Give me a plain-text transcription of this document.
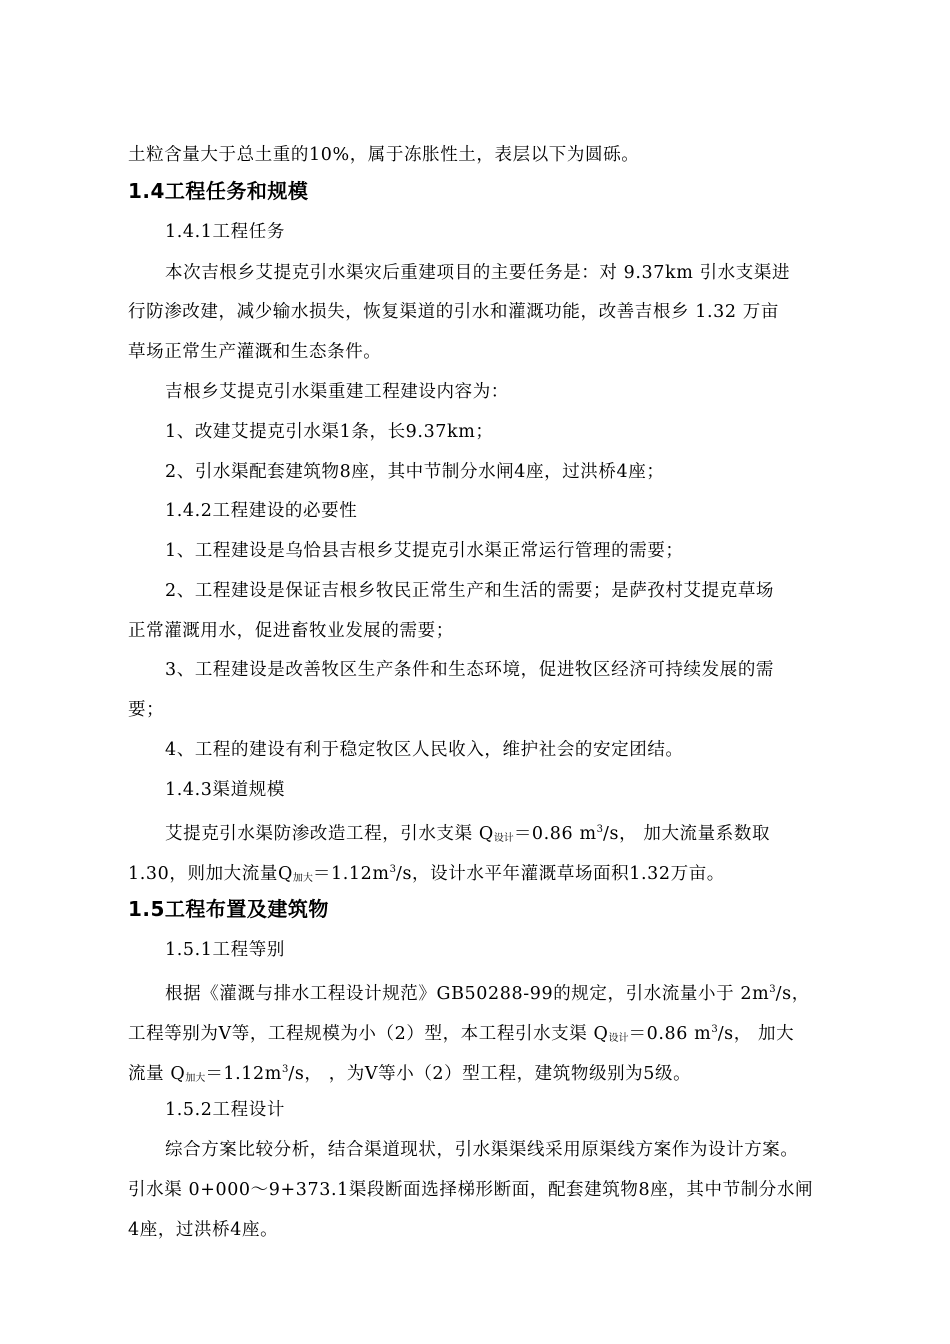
土粒含量大于总土重的10%，属于冻胀性土，表层以下为圆砾。
1.4工程任务和规模
1.4.1工程任务
本次吉根乡艾提克引水渠灾后重建项目的主要任务是：对 9.37km 引水支渠进
行防渗改建，减少输水损失，恢复渠道的引水和灌溉功能，改善吉根乡 1.32 万亩
草场正常生产灌溉和生态条件。
吉根乡艾提克引水渠重建工程建设内容为：
1、改建艾提克引水渠1条，长9.37km；
2、引水渠配套建筑物8座，其中节制分水闸4座，过洪桥4座；
1.4.2工程建设的必要性
1、工程建设是乌恰县吉根乡艾提克引水渠正常运行管理的需要；
2、工程建设是保证吉根乡牧民正常生产和生活的需要；是萨孜村艾提克草场
正常灌溉用水，促进畜牧业发展的需要；
3、工程建设是改善牧区生产条件和生态环境，促进牧区经济可持续发展的需
要；
4、工程的建设有利于稳定牧区人民收入，维护社会的安定团结。
1.4.3渠道规模
艾提克引水渠防渗改造工程，引水支渠 $Q_{设计}=0.86$ $m^3/s$， 加大流量系数取
1.30，则加大流量$Q_{加大}=1.12m^3/s$，设计水平年灌溉草场面积1.32万亩。
1.5工程布置及建筑物
1.5.1工程等别
根据《灌溉与排水工程设计规范》GB50288-99的规定，引水流量小于 $2m^3/s$，
工程等别为Ⅴ等，工程规模为小（2）型，本工程引水支渠 $Q_{设计}=0.86$ $m^3/s$， 加大
流量 $Q_{加大}=1.12m^3/s$， ，为Ⅴ等小（2）型工程，建筑物级别为5级。
1.5.2工程设计
综合方案比较分析，结合渠道现状，引水渠渠线采用原渠线方案作为设计方案。
引水渠 0+000～9+373.1渠段断面选择梯形断面，配套建筑物8座，其中节制分水闸
4座，过洪桥4座。
